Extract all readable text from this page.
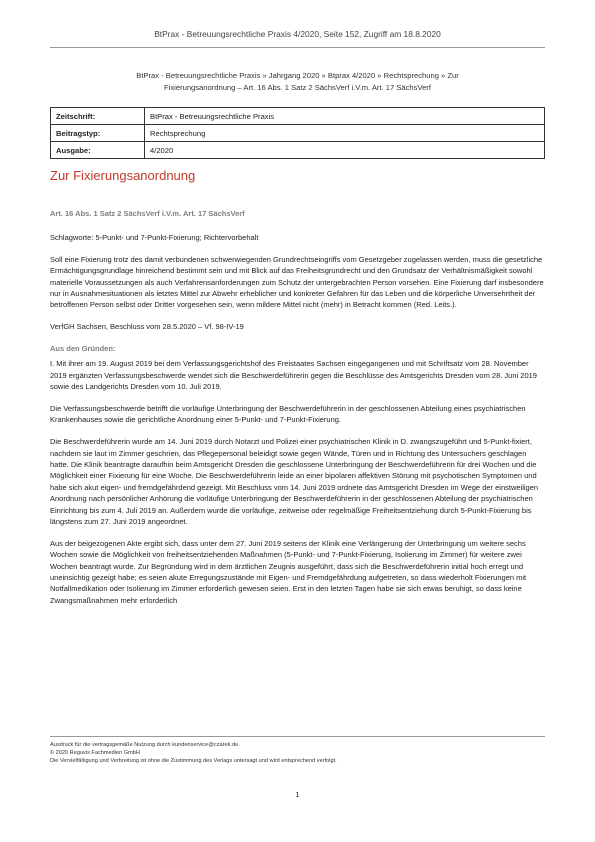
BtPrax - Betreuungsrechtliche Praxis 4/2020, Seite 152, Zugriff am 18.8.2020
BtPrax - Betreuungsrechtliche Praxis » Jahrgang 2020 » Btprax 4/2020 » Rechtsprechung » Zur
Fixierungsanordnung – Art. 16 Abs. 1 Satz 2 SächsVerf i.V.m. Art. 17 SächsVerf
Zeitschrift:	BtPrax - Betreuungsrechtliche Praxis
Beitragstyp:	Rechtsprechung
Ausgabe:	4/2020
Zur Fixierungsanordnung

Art. 16 Abs. 1 Satz 2 SächsVerf i.V.m. Art. 17 SächsVerf

Schlagworte: 5-Punkt- und 7-Punkt-Fixierung; Richtervorbehalt

Soll eine Fixierung trotz des damit verbundenen schwerwiegenden Grundrechtseingriffs vom Gesetzgeber zugelassen werden, muss die gesetzliche Ermächtigungsgrundlage hinreichend bestimmt sein und mit Blick auf das Freiheitsgrundrecht und den Grundsatz der Verhältnismäßigkeit sowohl materielle Voraussetzungen als auch Verfahrensanforderungen zum Schutz der untergebrachten Person vorsehen. Eine Fixierung darf insbesondere nur in Ausnahmesituationen als letztes Mittel zur Abwehr erheblicher und konkreter Gefahren für das Leben und die körperliche Unversehrtheit der betroffenen Person selbst oder Dritter vorgesehen sein, wenn mildere Mittel nicht (mehr) in Betracht kommen (Red. Leits.).

VerfGH Sachsen, Beschluss vom 28.5.2020 – Vf. 98-IV-19

Aus den Gründen:

I. Mit ihrer am 19. August 2019 bei dem Verfassungsgerichtshof des Freistaates Sachsen eingegangenen und mit Schriftsatz vom 28. November 2019 ergänzten Verfassungsbeschwerde wendet sich die Beschwerdeführerin gegen die Beschlüsse des Amtsgerichts Dresden vom 28. Juni 2019 sowie des Landgerichts Dresden vom 10. Juli 2019.

Die Verfassungsbeschwerde betrifft die vorläufige Unterbringung der Beschwerdeführerin in der geschlossenen Abteilung eines psychiatrischen Krankenhauses sowie die gerichtliche Anordnung einer 5-Punkt- und 7-Punkt-Fixierung.

Die Beschwerdeführerin wurde am 14. Juni 2019 durch Notarzt und Polizei einer psychiatrischen Klinik in D. zwangszugeführt und 5-Punkt-fixiert, nachdem sie laut im Zimmer geschrien, das Pflegepersonal beleidigt sowie gegen Wände, Türen und in Richtung des Untersuchers geschlagen hatte. Die Klinik beantragte daraufhin beim Amtsgericht Dresden die geschlossene Unterbringung der Beschwerdeführerin für drei Wochen und die Möglichkeit einer Fixierung für eine Woche. Die Beschwerdeführerin leide an einer bipolaren affektiven Störung mit psychotischen Symptomen und habe sich akut eigen- und fremdgefährdend gezeigt. Mit Beschluss vom 14. Juni 2019 ordnete das Amtsgericht Dresden im Wege der einstweiligen Anordnung nach persönlicher Anhörung die vorläufige Unterbringung der Beschwerdeführerin in der geschlossenen Abteilung der psychiatrischen Einrichtung bis zum 4. Juli 2019 an. Außerdem wurde die vorläufige, zeitweise oder regelmäßige Freiheitsentziehung durch 5-Punkt-Fixierung bis längstens zum 27. Juni 2019 angeordnet.

Aus der beigezogenen Akte ergibt sich, dass unter dem 27. Juni 2019 seitens der Klinik eine Verlängerung der Unterbringung um weitere sechs Wochen sowie die Möglichkeit von freiheitsentziehenden Maßnahmen (5-Punkt- und 7-Punkt-Fixierung, Isolierung im Zimmer) für weitere zwei Wochen beantragt wurde. Zur Begründung wird in dem ärztlichen Zeugnis ausgeführt, dass sich die Beschwerdeführerin initial hoch erregt und uneinsichtig gezeigt habe; es seien akute Erregungszustände mit Eigen- und Fremdgefährdung aufgetreten, so dass wiederholt Fixierungen mit Notfallmedikation oder Isolierung im Zimmer erforderlich gewesen seien. Erst in den letzten Tagen habe sie sich etwas beruhigt, so dass keine Zwangsmaßnahmen mehr erforderlich

Ausdruck für die vertragsgemäße Nutzung durch kundenservice@czarek.de.
© 2020 Reguvis Fachmedien GmbH
Die Vervielfältigung und Verbreitung ist ohne die Zustimmung des Verlags untersagt und wird entsprechend verfolgt.
1
